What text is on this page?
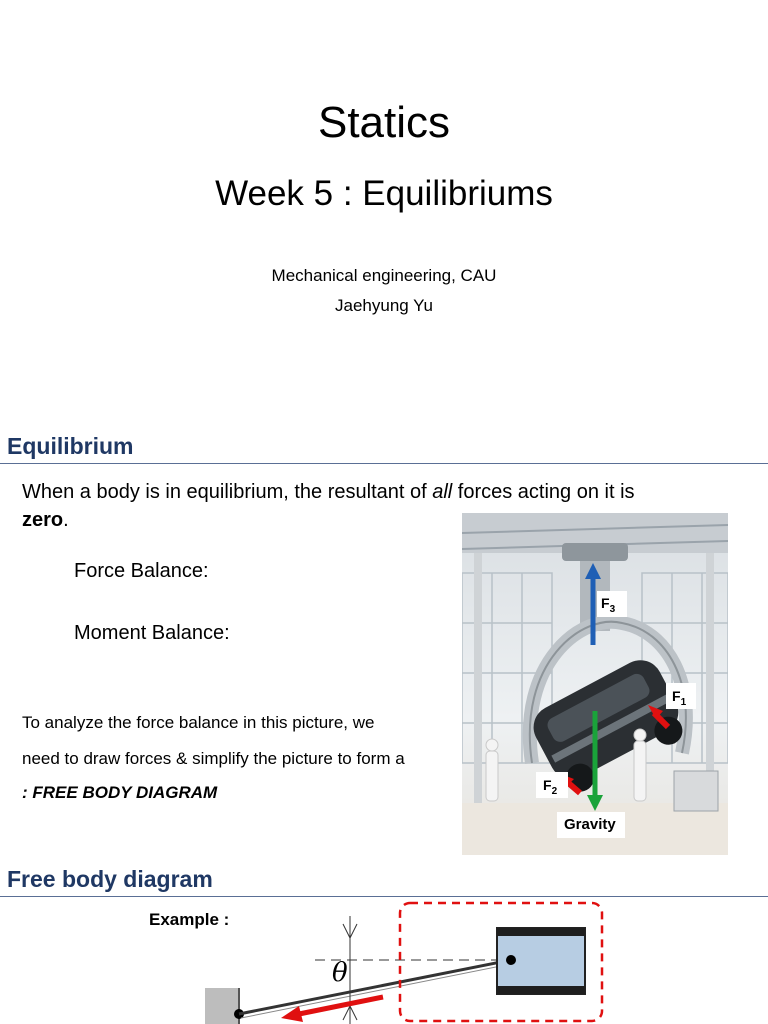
Statics
Week 5 : Equilibriums
Mechanical engineering, CAU
Jaehyung Yu
Equilibrium
When a body is in equilibrium, the resultant of all forces acting on it is
zero.
Force Balance:
Moment Balance:
To analyze the force balance in this picture, we
need to draw forces & simplify the picture to form a
: FREE BODY DIAGRAM
$F_3$
$F_1$
$F_2$
Gravity
Free body diagram
Example :
θ
